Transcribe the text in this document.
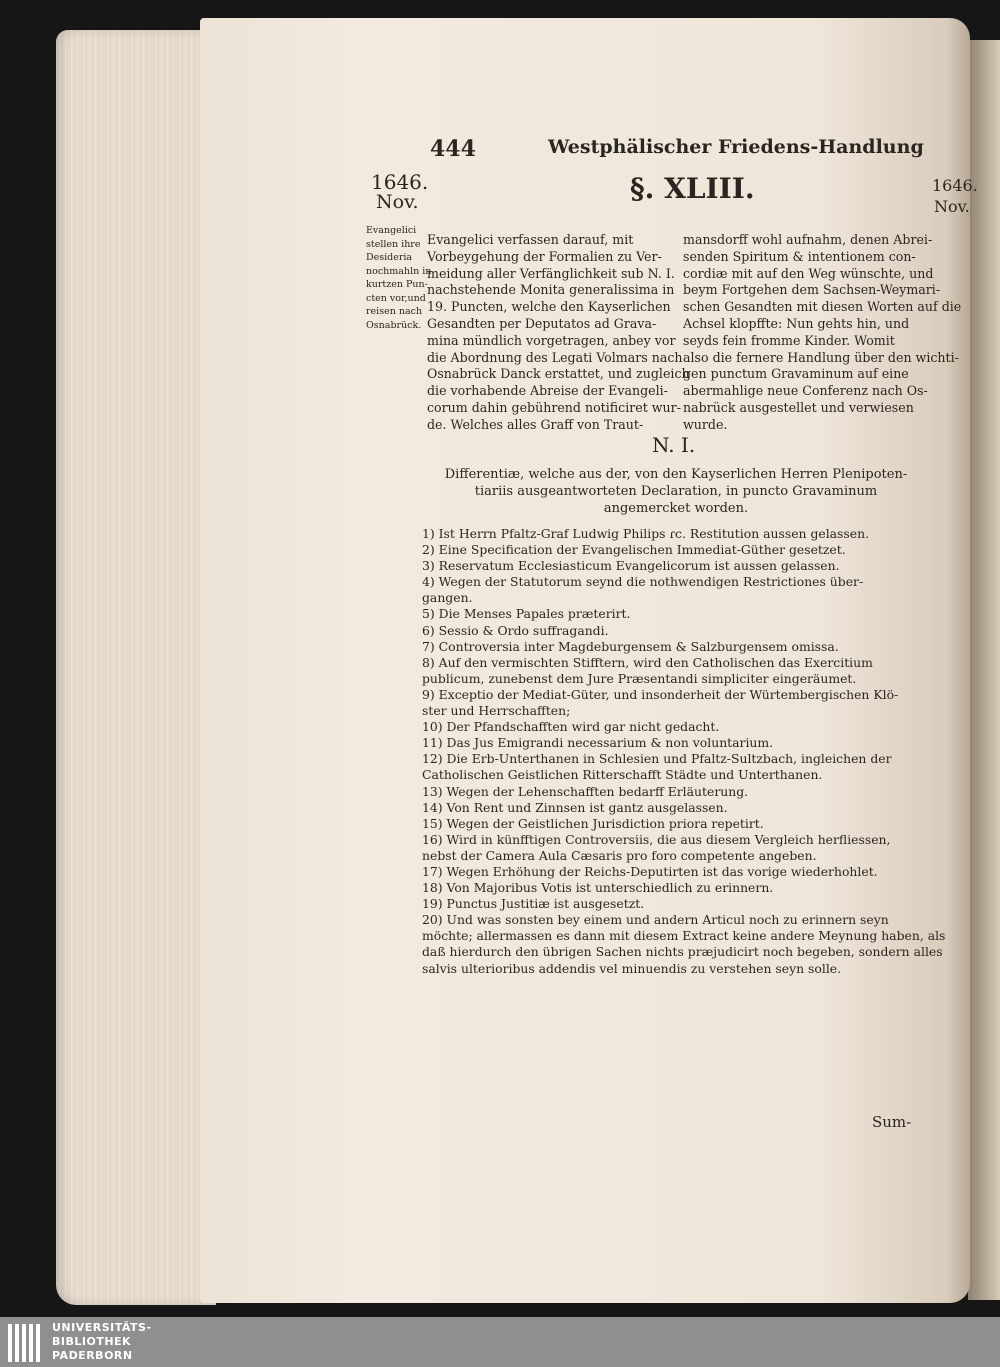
444	Westphälischer Friedens-Handlung
1646.
Nov.
1646.
Nov.
§. XLIII.
Evangelici
stellen ihre
Desideria
nochmahln in
kurtzen Pun-
cten vor,und
reisen nach
Osnabrück.
Evangelici verfassen darauf, mit
Vorbeygehung der Formalien zu Ver-
meidung aller Verfänglichkeit sub N. I.
nachstehende Monita generalissima in
19. Puncten, welche den Kayserlichen
Gesandten per Deputatos ad Grava-
mina mündlich vorgetragen, anbey vor
die Abordnung des Legati Volmars nach
Osnabrück Danck erstattet, und zugleich
die vorhabende Abreise der Evangeli-
corum dahin gebührend notificiret wur-
de. Welches alles Graff von Traut-
mansdorff wohl aufnahm, denen Abrei-
senden Spiritum & intentionem con-
cordiæ mit auf den Weg wünschte, und
beym Fortgehen dem Sachsen-Weymari-
schen Gesandten mit diesen Worten auf die
Achsel klopffte: Nun gehts hin, und
seyds fein fromme Kinder. Womit
also die fernere Handlung über den wichti-
gen punctum Gravaminum auf eine
abermahlige neue Conferenz nach Os-
nabrück ausgestellet und verwiesen
wurde.
N. I.
Differentiæ, welche aus der, von den Kayserlichen Herren Plenipoten-
tiariis ausgeantworteten Declaration, in puncto Gravaminum
angemercket worden.
1) Ist Herrn Pfaltz-Graf Ludwig Philips ɾc. Restitution aussen gelassen.
2) Eine Specification der Evangelischen Immediat-Güther gesetzet.
3) Reservatum Ecclesiasticum Evangelicorum ist aussen gelassen.
4) Wegen der Statutorum seynd die nothwendigen Restrictiones über-
gangen.
5) Die Menses Papales præterirt.
6) Sessio & Ordo suffragandi.
7) Controversia inter Magdeburgensem & Salzburgensem omissa.
8) Auf den vermischten Stifftern, wird den Catholischen das Exercitium
publicum, zunebenst dem Jure Præsentandi simpliciter eingeräumet.
9) Exceptio der Mediat-Güter, und insonderheit der Würtembergischen Klö-
ster und Herrschafften;
10) Der Pfandschafften wird gar nicht gedacht.
11) Das Jus Emigrandi necessarium & non voluntarium.
12) Die Erb-Unterthanen in Schlesien und Pfaltz-Sultzbach, ingleichen der
Catholischen Geistlichen Ritterschafft Städte und Unterthanen.
13) Wegen der Lehenschafften bedarff Erläuterung.
14) Von Rent und Zinnsen ist gantz ausgelassen.
15) Wegen der Geistlichen Jurisdiction priora repetirt.
16) Wird in künfftigen Controversiis, die aus diesem Vergleich herfliessen,
nebst der Camera Aula Cæsaris pro foro competente angeben.
17) Wegen Erhöhung der Reichs-Deputirten ist das vorige wiederhohlet.
18) Von Majoribus Votis ist unterschiedlich zu erinnern.
19) Punctus Justitiæ ist ausgesetzt.
20) Und was sonsten bey einem und andern Articul noch zu erinnern seyn
möchte; allermassen es dann mit diesem Extract keine andere Meynung haben, als
daß hierdurch den übrigen Sachen nichts præjudicirt noch begeben, sondern alles
salvis ulterioribus addendis vel minuendis zu verstehen seyn solle.
Sum-
UNIVERSITÄTS-
BIBLIOTHEK
PADERBORN
